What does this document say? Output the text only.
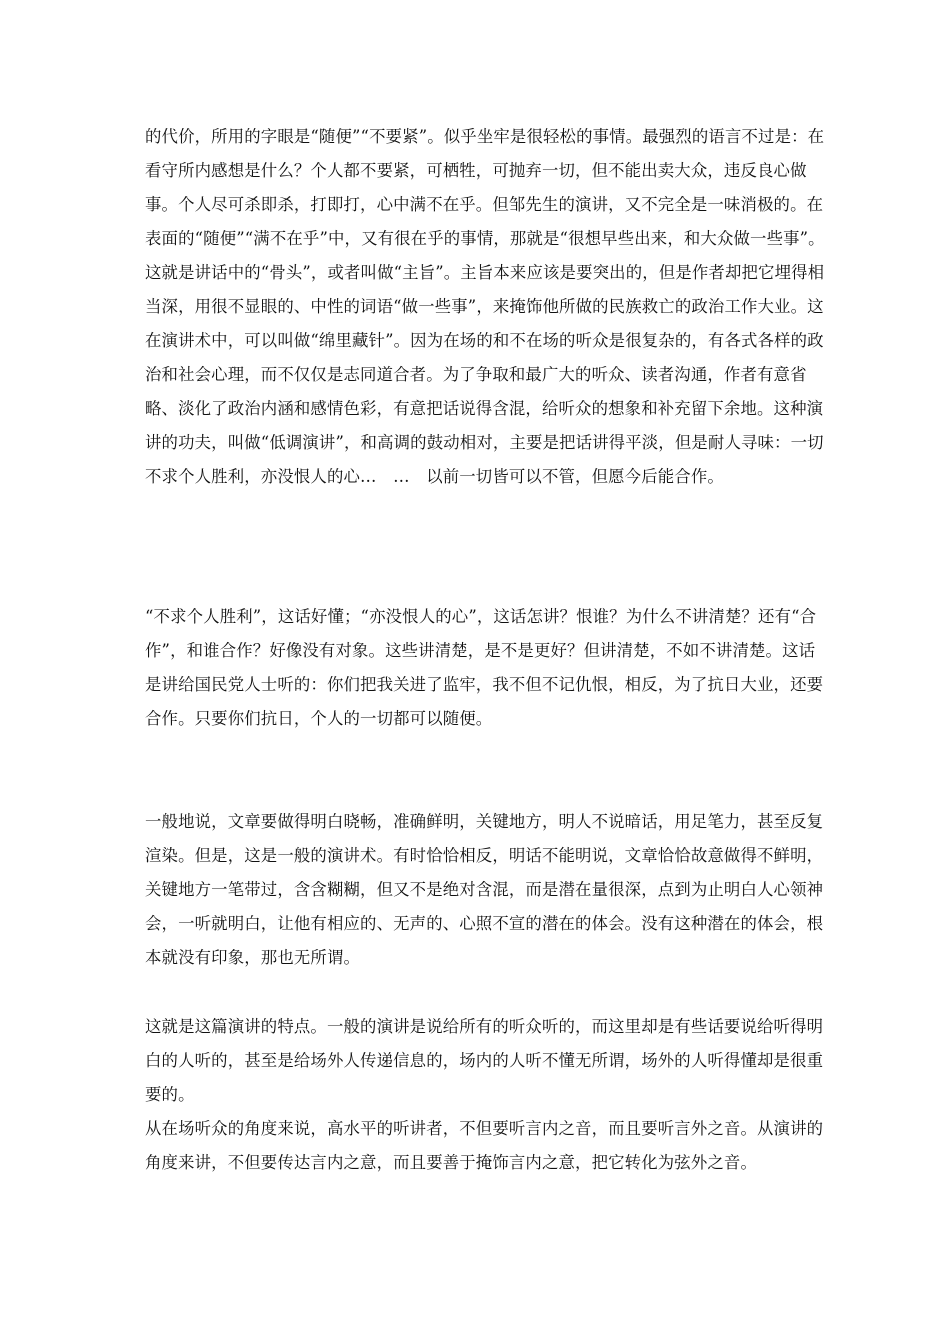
的代价，所用的字眼是“随便”“不要紧”。似乎坐牢是很轻松的事情。最强烈的语言不过是：在看守所内感想是什么？个人都不要紧，可栖牲，可抛弃一切，但不能出卖大众，违反良心做事。个人尽可杀即杀，打即打，心中满不在乎。但邹先生的演讲，又不完全是一味消极的。在表面的“随便”“满不在乎”中，又有很在乎的事情，那就是“很想早些出来，和大众做一些事”。这就是讲话中的“骨头”，或者叫做“主旨”。主旨本来应该是要突出的，但是作者却把它埋得相当深，用很不显眼的、中性的词语“做一些事”，来掩饰他所做的民族救亡的政治工作大业。这在演讲术中，可以叫做“绵里藏针”。因为在场的和不在场的听众是很复杂的，有各式各样的政治和社会心理，而不仅仅是志同道合者。为了争取和最广大的听众、读者沟通，作者有意省略、淡化了政治内涵和感情色彩，有意把话说得含混，给听众的想象和补充留下余地。这种演讲的功夫，叫做“低调演讲”，和高调的鼓动相对，主要是把话讲得平淡，但是耐人寻味：一切不求个人胜利，亦没恨人的心…　…　以前一切皆可以不管，但愿今后能合作。

“不求个人胜利”，这话好懂；“亦没恨人的心”，这话怎讲？恨谁？为什么不讲清楚？还有“合作”，和谁合作？好像没有对象。这些讲清楚，是不是更好？但讲清楚，不如不讲清楚。这话是讲给国民党人士听的：你们把我关进了监牢，我不但不记仇恨，相反，为了抗日大业，还要合作。只要你们抗日，个人的一切都可以随便。

一般地说，文章要做得明白晓畅，准确鲜明，关键地方，明人不说暗话，用足笔力，甚至反复渲染。但是，这是一般的演讲术。有时恰恰相反，明话不能明说，文章恰恰故意做得不鲜明，关键地方一笔带过，含含糊糊，但又不是绝对含混，而是潜在量很深，点到为止明白人心领神会，一听就明白，让他有相应的、无声的、心照不宣的潜在的体会。没有这种潜在的体会，根本就没有印象，那也无所谓。

这就是这篇演讲的特点。一般的演讲是说给所有的听众听的，而这里却是有些话要说给听得明白的人听的，甚至是给场外人传递信息的，场内的人听不懂无所谓，场外的人听得懂却是很重要的。

从在场听众的角度来说，高水平的听讲者，不但要听言内之音，而且要听言外之音。从演讲的角度来讲，不但要传达言内之意，而且要善于掩饰言内之意，把它转化为弦外之音。
